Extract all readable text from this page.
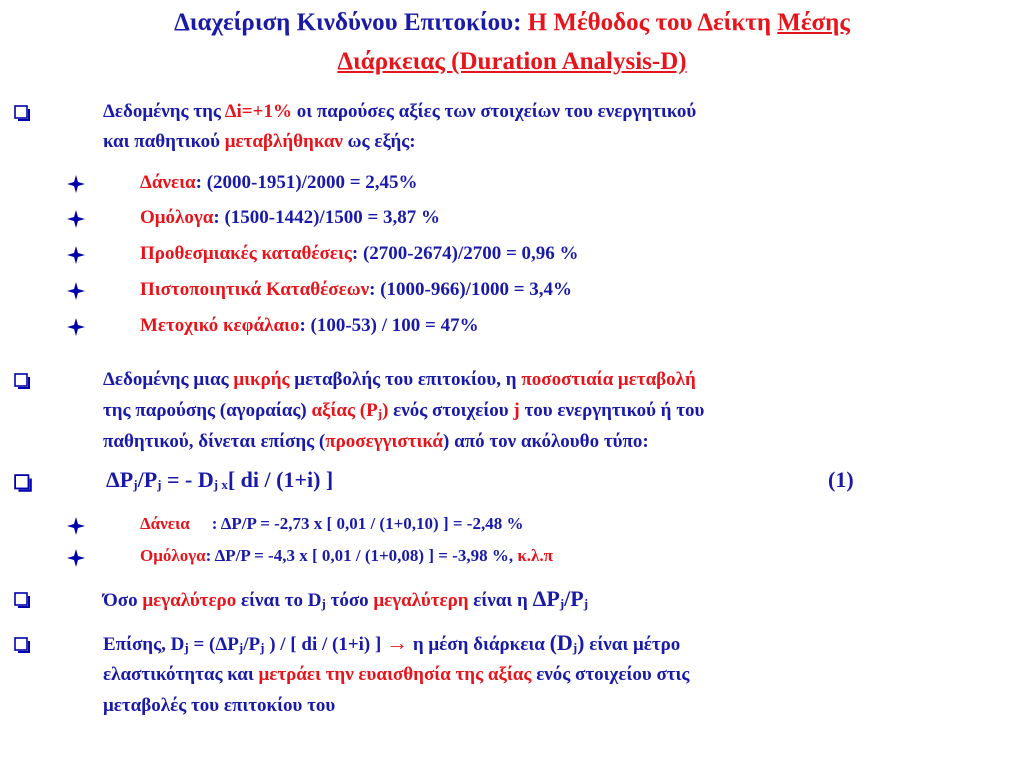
Διαχείριση Κινδύνου Επιτοκίου: Η Μέθοδος του Δείκτη Μέσης
Διάρκειας (Duration Analysis-D)
Δεδομένης της Δi=+1% οι παρούσες αξίες των στοιχείων του ενεργητικού
και παθητικού μεταβλήθηκαν ως εξής:
Δάνεια: (2000-1951)/2000 = 2,45%
Ομόλογα: (1500-1442)/1500 = 3,87 %
Προθεσμιακές καταθέσεις: (2700-2674)/2700 = 0,96 %
Πιστοποιητικά Καταθέσεων: (1000-966)/1000 = 3,4%
Μετοχικό κεφάλαιο: (100-53) / 100 = 47%
Δεδομένης μιας μικρής μεταβολής του επιτοκίου, η ποσοστιαία μεταβολή
της παρούσης (αγοραίας) αξίας $(P_j)$ ενός στοιχείου j του ενεργητικού ή του
παθητικού, δίνεται επίσης (προσεγγιστικά) από τον ακόλουθο τύπο:
$\Delta P_j/P_j$ = - $D_{j x}$[ di / (1+i) ]	(1)
Δάνεια : ΔP/P = -2,73 x [ 0,01 / (1+0,10) ] = -2,48 %
Ομόλογα: ΔP/P = -4,3 x [ 0,01 / (1+0,08) ] = -3,98 %, κ.λ.π
Όσο μεγαλύτερο είναι το $D_j$ τόσο μεγαλύτερη είναι η $\Delta P_j/P_j$
Επίσης, $D_j = (\Delta P_j/P_j$ ) / [ di / (1+i) ] → η μέση διάρκεια $(D_j)$ είναι μέτρο
ελαστικότητας και μετράει την ευαισθησία της αξίας ενός στοιχείου στις
μεταβολές του επιτοκίου του
